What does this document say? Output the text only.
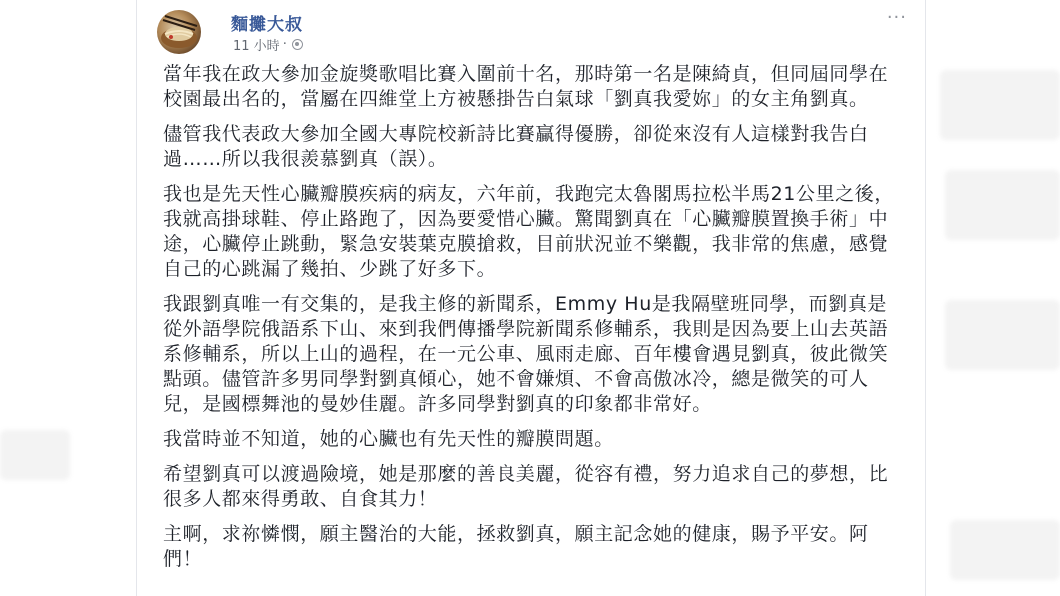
麵攤大叔
11 小時 ·
···

當年我在政大參加金旋獎歌唱比賽入圍前十名，那時第一名是陳綺貞，但同屆同學在校園最出名的，當屬在四維堂上方被懸掛告白氣球「劉真我愛妳」的女主角劉真。

儘管我代表政大參加全國大專院校新詩比賽贏得優勝，卻從來沒有人這樣對我告白過……所以我很羨慕劉真（誤）。

我也是先天性心臟瓣膜疾病的病友，六年前，我跑完太魯閣馬拉松半馬21公里之後，我就高掛球鞋、停止路跑了，因為要愛惜心臟。驚聞劉真在「心臟瓣膜置換手術」中途，心臟停止跳動，緊急安裝葉克膜搶救，目前狀況並不樂觀，我非常的焦慮，感覺自己的心跳漏了幾拍、少跳了好多下。

我跟劉真唯一有交集的，是我主修的新聞系，Emmy Hu是我隔壁班同學，而劉真是從外語學院俄語系下山、來到我們傳播學院新聞系修輔系，我則是因為要上山去英語系修輔系，所以上山的過程，在一元公車、風雨走廊、百年樓會遇見劉真，彼此微笑點頭。儘管許多男同學對劉真傾心，她不會嫌煩、不會高傲冰冷，總是微笑的可人兒，是國標舞池的曼妙佳麗。許多同學對劉真的印象都非常好。

我當時並不知道，她的心臟也有先天性的瓣膜問題。

希望劉真可以渡過險境，她是那麼的善良美麗，從容有禮，努力追求自己的夢想，比很多人都來得勇敢、自食其力！

主啊，求祢憐憫，願主醫治的大能，拯救劉真，願主記念她的健康，賜予平安。阿們！
